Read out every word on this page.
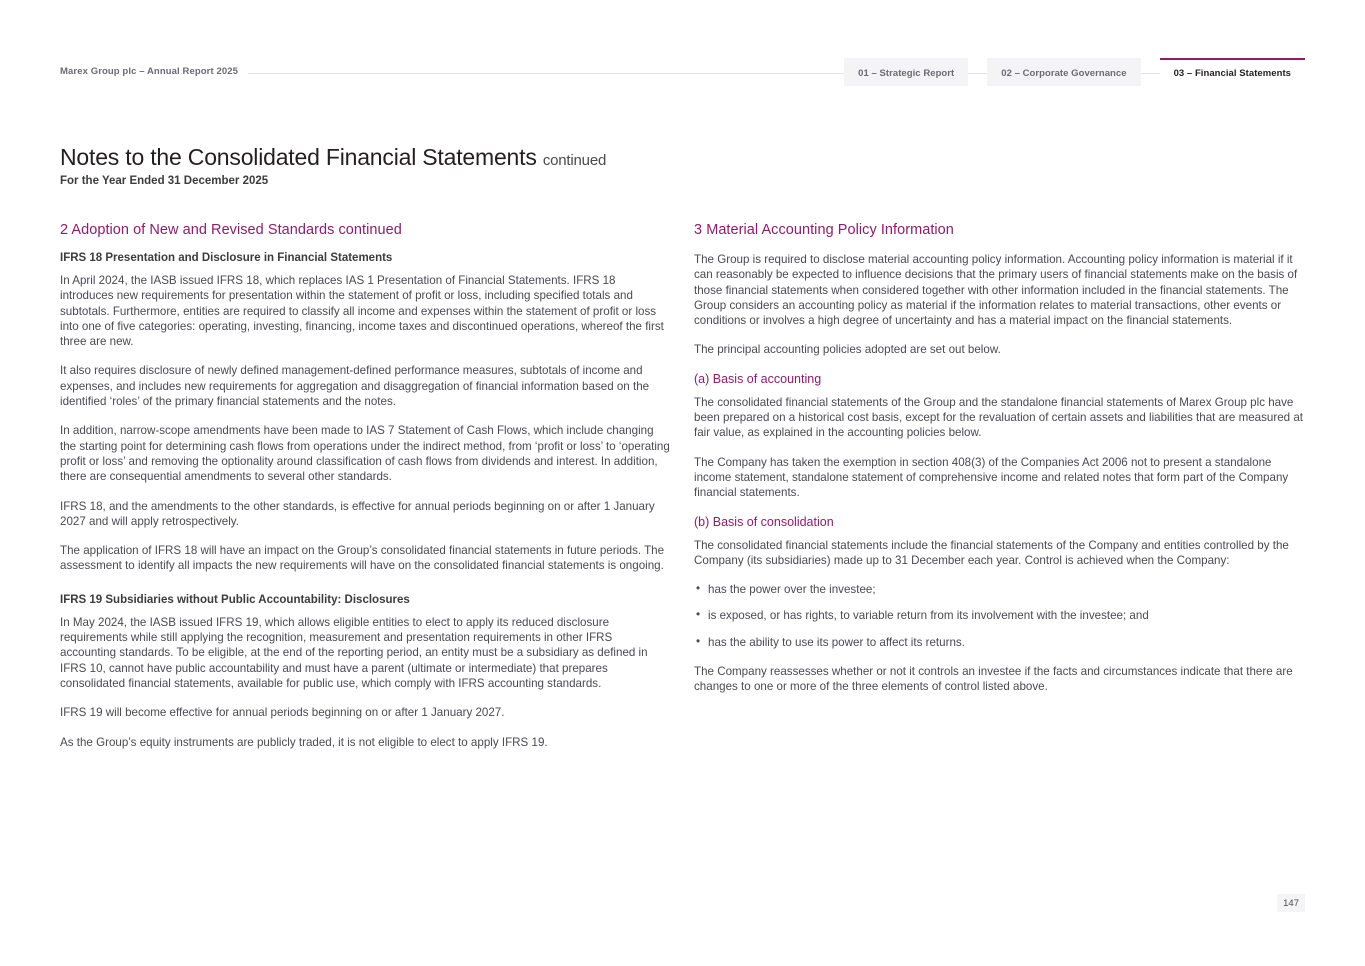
Marex Group plc – Annual Report 2025	01 – Strategic Report	02 – Corporate Governance	03 – Financial Statements
Notes to the Consolidated Financial Statements continued
For the Year Ended 31 December 2025
2 Adoption of New and Revised Standards continued
IFRS 18 Presentation and Disclosure in Financial Statements

In April 2024, the IASB issued IFRS 18, which replaces IAS 1 Presentation of Financial Statements. IFRS 18 introduces new requirements for presentation within the statement of profit or loss, including specified totals and subtotals. Furthermore, entities are required to classify all income and expenses within the statement of profit or loss into one of five categories: operating, investing, financing, income taxes and discontinued operations, whereof the first three are new.

It also requires disclosure of newly defined management-defined performance measures, subtotals of income and expenses, and includes new requirements for aggregation and disaggregation of financial information based on the identified ‘roles’ of the primary financial statements and the notes.

In addition, narrow-scope amendments have been made to IAS 7 Statement of Cash Flows, which include changing the starting point for determining cash flows from operations under the indirect method, from ‘profit or loss’ to ‘operating profit or loss’ and removing the optionality around classification of cash flows from dividends and interest. In addition, there are consequential amendments to several other standards.

IFRS 18, and the amendments to the other standards, is effective for annual periods beginning on or after 1 January 2027 and will apply retrospectively.

The application of IFRS 18 will have an impact on the Group’s consolidated financial statements in future periods. The assessment to identify all impacts the new requirements will have on the consolidated financial statements is ongoing.

IFRS 19 Subsidiaries without Public Accountability: Disclosures

In May 2024, the IASB issued IFRS 19, which allows eligible entities to elect to apply its reduced disclosure requirements while still applying the recognition, measurement and presentation requirements in other IFRS accounting standards. To be eligible, at the end of the reporting period, an entity must be a subsidiary as defined in IFRS 10, cannot have public accountability and must have a parent (ultimate or intermediate) that prepares consolidated financial statements, available for public use, which comply with IFRS accounting standards.

IFRS 19 will become effective for annual periods beginning on or after 1 January 2027.

As the Group’s equity instruments are publicly traded, it is not eligible to elect to apply IFRS 19.

3 Material Accounting Policy Information

The Group is required to disclose material accounting policy information. Accounting policy information is material if it can reasonably be expected to influence decisions that the primary users of financial statements make on the basis of those financial statements when considered together with other information included in the financial statements. The Group considers an accounting policy as material if the information relates to material transactions, other events or conditions or involves a high degree of uncertainty and has a material impact on the financial statements.

The principal accounting policies adopted are set out below.

(a) Basis of accounting

The consolidated financial statements of the Group and the standalone financial statements of Marex Group plc have been prepared on a historical cost basis, except for the revaluation of certain assets and liabilities that are measured at fair value, as explained in the accounting policies below.

The Company has taken the exemption in section 408(3) of the Companies Act 2006 not to present a standalone income statement, standalone statement of comprehensive income and related notes that form part of the Company financial statements.

(b) Basis of consolidation

The consolidated financial statements include the financial statements of the Company and entities controlled by the Company (its subsidiaries) made up to 31 December each year. Control is achieved when the Company:

• has the power over the investee;
• is exposed, or has rights, to variable return from its involvement with the investee; and
• has the ability to use its power to affect its returns.

The Company reassesses whether or not it controls an investee if the facts and circumstances indicate that there are changes to one or more of the three elements of control listed above.

147
